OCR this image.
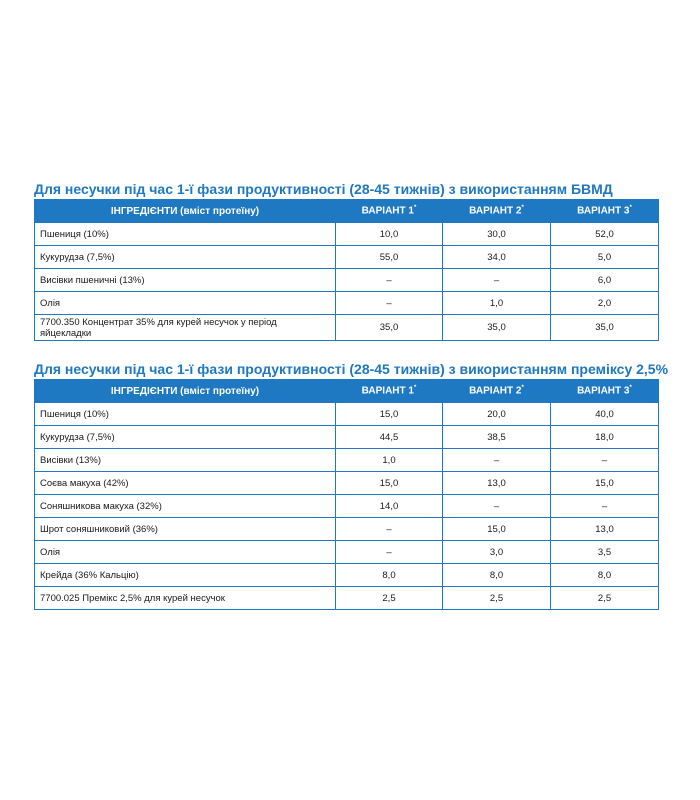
Для несучки під час 1-ї фази продуктивності (28-45 тижнів) з використанням БВМД
ІНГРЕДІЄНТИ (вміст протеїну)	ВАРІАНТ 1*	ВАРІАНТ 2*	ВАРІАНТ 3*
Пшениця (10%)	10,0	30,0	52,0
Кукурудза (7,5%)	55,0	34,0	5,0
Висівки пшеничні (13%)	–	–	6,0
Олія	–	1,0	2,0
7700.350 Концентрат 35% для курей несучок у період яйцекладки	35,0	35,0	35,0
Для несучки під час 1-ї фази продуктивності (28-45 тижнів) з використанням преміксу 2,5%
ІНГРЕДІЄНТИ (вміст протеїну)	ВАРІАНТ 1*	ВАРІАНТ 2*	ВАРІАНТ 3*
Пшениця (10%)	15,0	20,0	40,0
Кукурудза (7,5%)	44,5	38,5	18,0
Висівки (13%)	1,0	–	–
Соєва макуха (42%)	15,0	13,0	15,0
Соняшникова макуха (32%)	14,0	–	–
Шрот соняшниковий (36%)	–	15,0	13,0
Олія	–	3,0	3,5
Крейда (36% Кальцію)	8,0	8,0	8,0
7700.025 Премікс 2,5% для курей несучок	2,5	2,5	2,5
